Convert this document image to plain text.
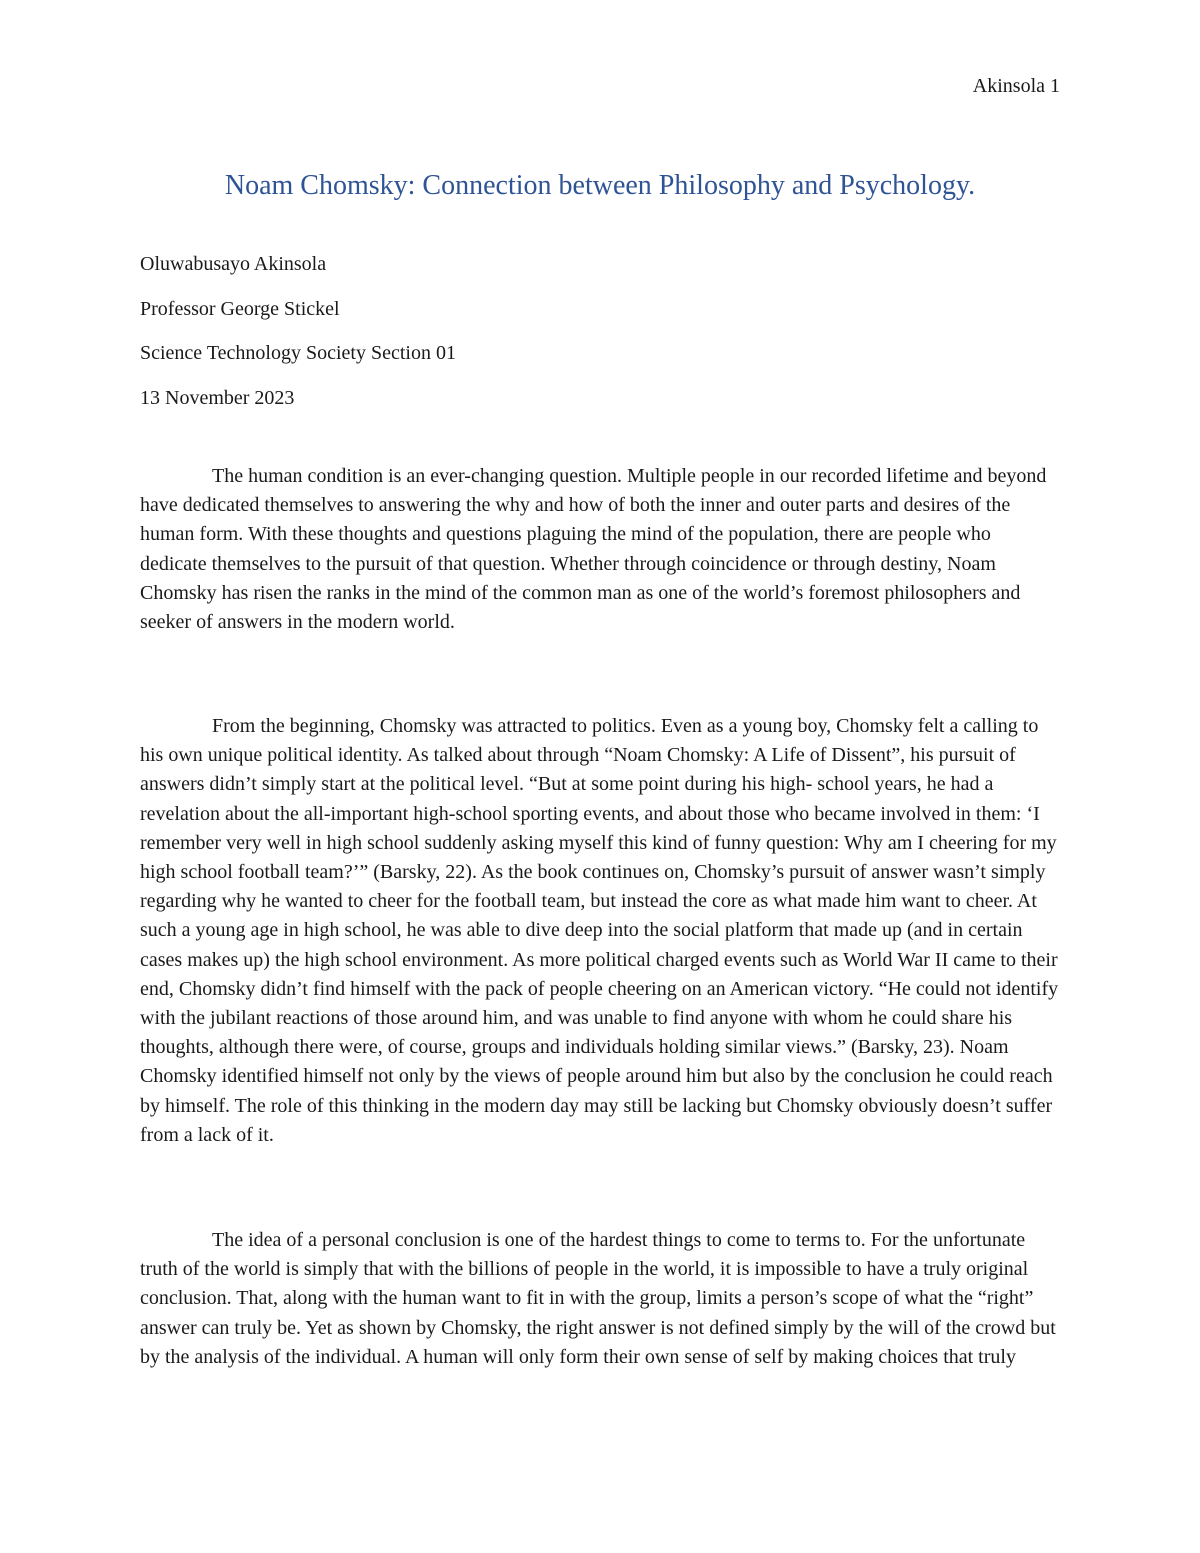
Akinsola 1
Noam Chomsky: Connection between Philosophy and Psychology.
Oluwabusayo Akinsola
Professor George Stickel
Science Technology Society Section 01
13 November 2023

The human condition is an ever-changing question. Multiple people in our recorded lifetime and beyond have dedicated themselves to answering the why and how of both the inner and outer parts and desires of the human form. With these thoughts and questions plaguing the mind of the population, there are people who dedicate themselves to the pursuit of that question. Whether through coincidence or through destiny, Noam Chomsky has risen the ranks in the mind of the common man as one of the world’s foremost philosophers and seeker of answers in the modern world.

From the beginning, Chomsky was attracted to politics. Even as a young boy, Chomsky felt a calling to his own unique political identity. As talked about through “Noam Chomsky: A Life of Dissent”, his pursuit of answers didn’t simply start at the political level. “But at some point during his high- school years, he had a revelation about the all-important high-school sporting events, and about those who became involved in them: ‘I remember very well in high school suddenly asking myself this kind of funny question: Why am I cheering for my high school football team?’” (Barsky, 22). As the book continues on, Chomsky’s pursuit of answer wasn’t simply regarding why he wanted to cheer for the football team, but instead the core as what made him want to cheer. At such a young age in high school, he was able to dive deep into the social platform that made up (and in certain cases makes up) the high school environment. As more political charged events such as World War II came to their end, Chomsky didn’t find himself with the pack of people cheering on an American victory. “He could not identify with the jubilant reactions of those around him, and was unable to find anyone with whom he could share his thoughts, although there were, of course, groups and individuals holding similar views.” (Barsky, 23). Noam Chomsky identified himself not only by the views of people around him but also by the conclusion he could reach by himself. The role of this thinking in the modern day may still be lacking but Chomsky obviously doesn’t suffer from a lack of it.

The idea of a personal conclusion is one of the hardest things to come to terms to. For the unfortunate truth of the world is simply that with the billions of people in the world, it is impossible to have a truly original conclusion. That, along with the human want to fit in with the group, limits a person’s scope of what the “right” answer can truly be. Yet as shown by Chomsky, the right answer is not defined simply by the will of the crowd but by the analysis of the individual. A human will only form their own sense of self by making choices that truly
